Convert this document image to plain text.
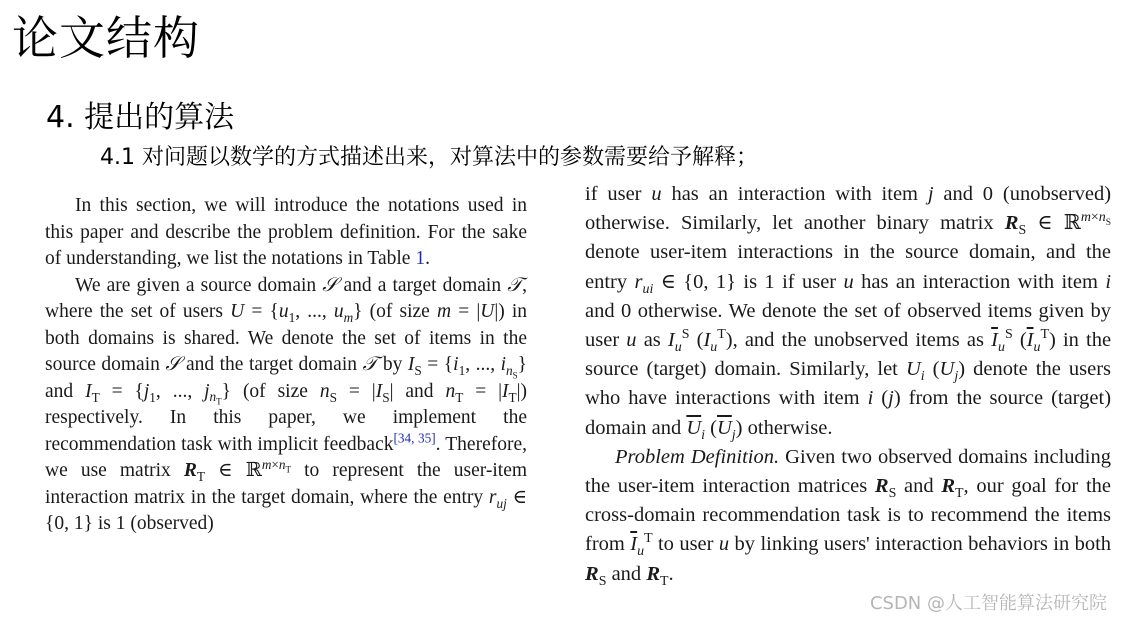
论文结构
4. 提出的算法
4.1 对问题以数学的方式描述出来，对算法中的参数需要给予解释；

In this section, we will introduce the notations used in this paper and describe the problem definition. For the sake of understanding, we list the notations in Table 1.

We are given a source domain 𝒮 and a target domain 𝒯, where the set of users $U = \{u_1$, ..., $u_m$} (of size m = |U|) in both domains is shared. We denote the set of items in the source domain 𝒮 and the target domain 𝒯 by $I_S = \{i_1$, ..., $i_{n_S}$} and $I_T = \{j_1$, ..., $j_{n_T}$} (of size $n_S = |I_S|$ and $n_T = |I_T|$) respectively. In this paper, we implement the recommendation task with implicit feedback[34, 35]. Therefore, we use matrix $R_T$ ∈ ℝ$^{m\times n_T}$ to represent the user-item interaction matrix in the target domain, where the entry $r_{uj}$ ∈ {0, 1} is 1 (observed)

if user u has an interaction with item j and 0 (unobserved) otherwise. Similarly, let another binary matrix $R_S$ ∈ ℝ$^{m\times n_S}$ denote user-item interactions in the source domain, and the entry $r_{ui}$ ∈ {0, 1} is 1 if user u has an interaction with item i and 0 otherwise. We denote the set of observed items given by user u as $I_u^S$ $(I_u^T)$, and the unobserved items as $\overline{I}_u^S$ $(\overline{I}_u^T)$ in the source (target) domain. Similarly, let $U_i$ $(U_j)$ denote the users who have interactions with item i (j) from the source (target) domain and $\overline{U}_i$ $(\overline{U}_j)$ otherwise.

Problem Definition. Given two observed domains including the user-item interaction matrices $R_S$ and $R_T$, our goal for the cross-domain recommendation task is to recommend the items from $\overline{I}_u^T$ to user u by linking users' interaction behaviors in both $R_S$ and $R_T$.

CSDN @人工智能算法研究院
